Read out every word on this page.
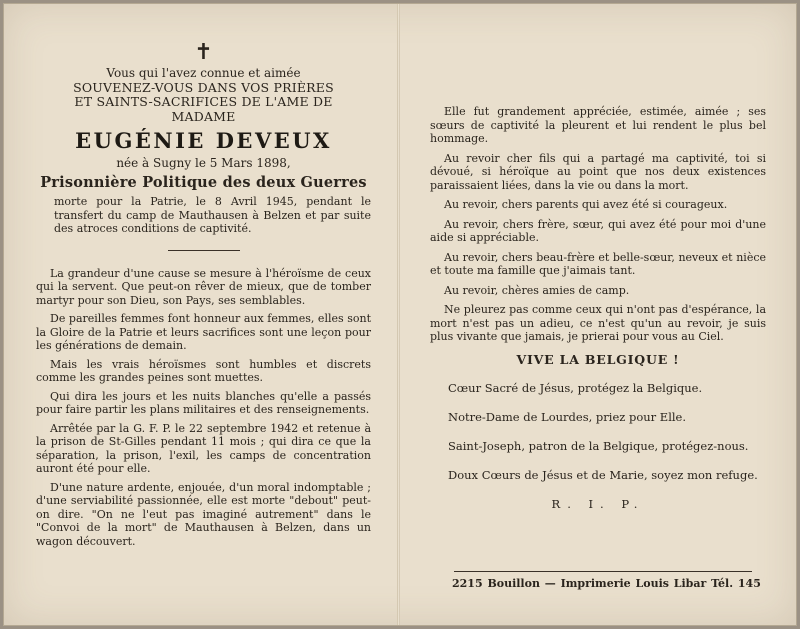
✝
Vous qui l'avez connue et aimée
SOUVENEZ-VOUS DANS VOS PRIÈRES
ET SAINTS-SACRIFICES DE L'AME DE
MADAME
EUGÉNIE DEVEUX
née à Sugny le 5 Mars 1898,
Prisonnière Politique des deux Guerres

morte pour la Patrie, le 8 Avril 1945, pendant le transfert du camp de Mauthausen à Belzen et par suite des atroces conditions de captivité.

La grandeur d'une cause se mesure à l'héroïsme de ceux qui la servent. Que peut-on rêver de mieux, que de tomber martyr pour son Dieu, son Pays, ses semblables.

De pareilles femmes font honneur aux femmes, elles sont la Gloire de la Patrie et leurs sacrifices sont une leçon pour les générations de demain.

Mais les vrais héroïsmes sont humbles et discrets comme les grandes peines sont muettes.

Qui dira les jours et les nuits blanches qu'elle a passés pour faire partir les plans militaires et des renseignements.

Arrêtée par la G. F. P. le 22 septembre 1942 et retenue à la prison de St-Gilles pendant 11 mois ; qui dira ce que la séparation, la prison, l'exil, les camps de concentration auront été pour elle.

D'une nature ardente, enjouée, d'un moral indomptable ; d'une serviabilité passionnée, elle est morte "debout" peut-on dire. "On ne l'eut pas imaginé autrement" dans le "Convoi de la mort" de Mauthausen à Belzen, dans un wagon découvert.

Elle fut grandement appréciée, estimée, aimée ; ses sœurs de captivité la pleurent et lui rendent le plus bel hommage.

Au revoir cher fils qui a partagé ma captivité, toi si dévoué, si héroïque au point que nos deux existences paraissaient liées, dans la vie ou dans la mort.

Au revoir, chers parents qui avez été si courageux.

Au revoir, chers frère, sœur, qui avez été pour moi d'une aide si appréciable.

Au revoir, chers beau-frère et belle-sœur, neveux et nièce et toute ma famille que j'aimais tant.

Au revoir, chères amies de camp.

Ne pleurez pas comme ceux qui n'ont pas d'espérance, la mort n'est pas un adieu, ce n'est qu'un au revoir, je suis plus vivante que jamais, je prierai pour vous au Ciel.

VIVE LA BELGIQUE !

Cœur Sacré de Jésus, protégez la Belgique.

Notre-Dame de Lourdes, priez pour Elle.

Saint-Joseph, patron de la Belgique, protégez-nous.

Doux Cœurs de Jésus et de Marie, soyez mon refuge.

R. I. P.
2215 Bouillon — Imprimerie Louis Libar Tél. 145
